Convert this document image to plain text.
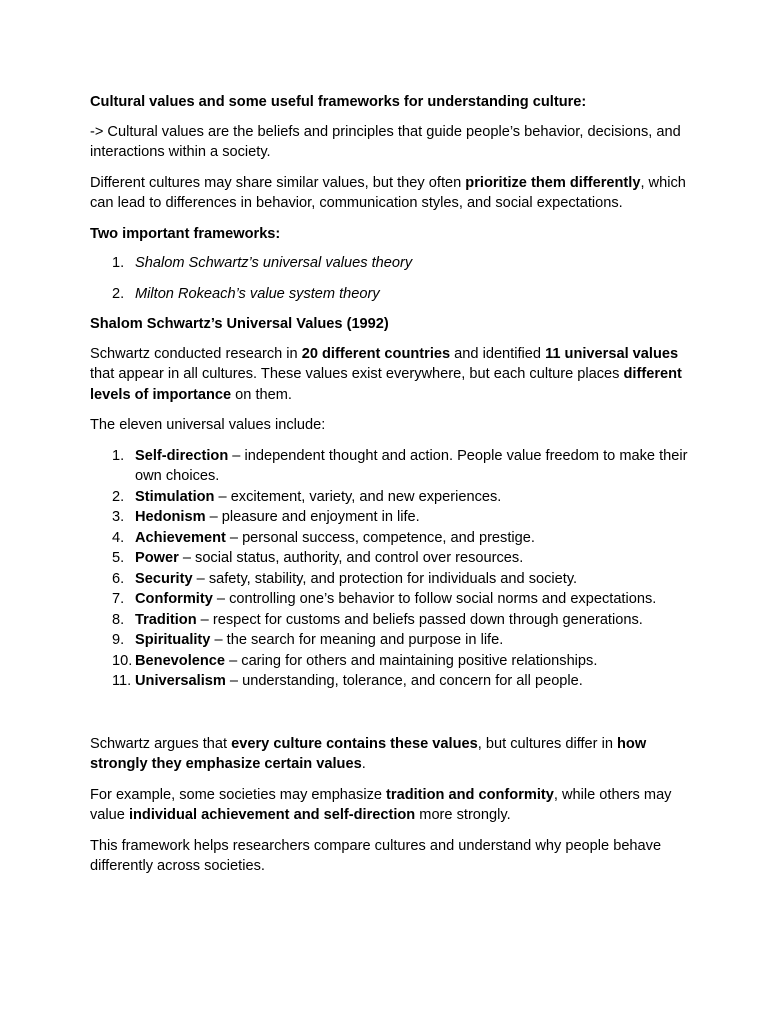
Cultural values and some useful frameworks for understanding culture:

-> Cultural values are the beliefs and principles that guide people’s behavior, decisions, and interactions within a society.

Different cultures may share similar values, but they often prioritize them differently, which can lead to differences in behavior, communication styles, and social expectations.

Two important frameworks:

1. Shalom Schwartz’s universal values theory
2. Milton Rokeach’s value system theory

Shalom Schwartz’s Universal Values (1992)

Schwartz conducted research in 20 different countries and identified 11 universal values that appear in all cultures. These values exist everywhere, but each culture places different levels of importance on them.

The eleven universal values include:

1. Self-direction – independent thought and action. People value freedom to make their own choices.
2. Stimulation – excitement, variety, and new experiences.
3. Hedonism – pleasure and enjoyment in life.
4. Achievement – personal success, competence, and prestige.
5. Power – social status, authority, and control over resources.
6. Security – safety, stability, and protection for individuals and society.
7. Conformity – controlling one’s behavior to follow social norms and expectations.
8. Tradition – respect for customs and beliefs passed down through generations.
9. Spirituality – the search for meaning and purpose in life.
10. Benevolence – caring for others and maintaining positive relationships.
11. Universalism – understanding, tolerance, and concern for all people.

Schwartz argues that every culture contains these values, but cultures differ in how strongly they emphasize certain values.

For example, some societies may emphasize tradition and conformity, while others may value individual achievement and self-direction more strongly.

This framework helps researchers compare cultures and understand why people behave differently across societies.
